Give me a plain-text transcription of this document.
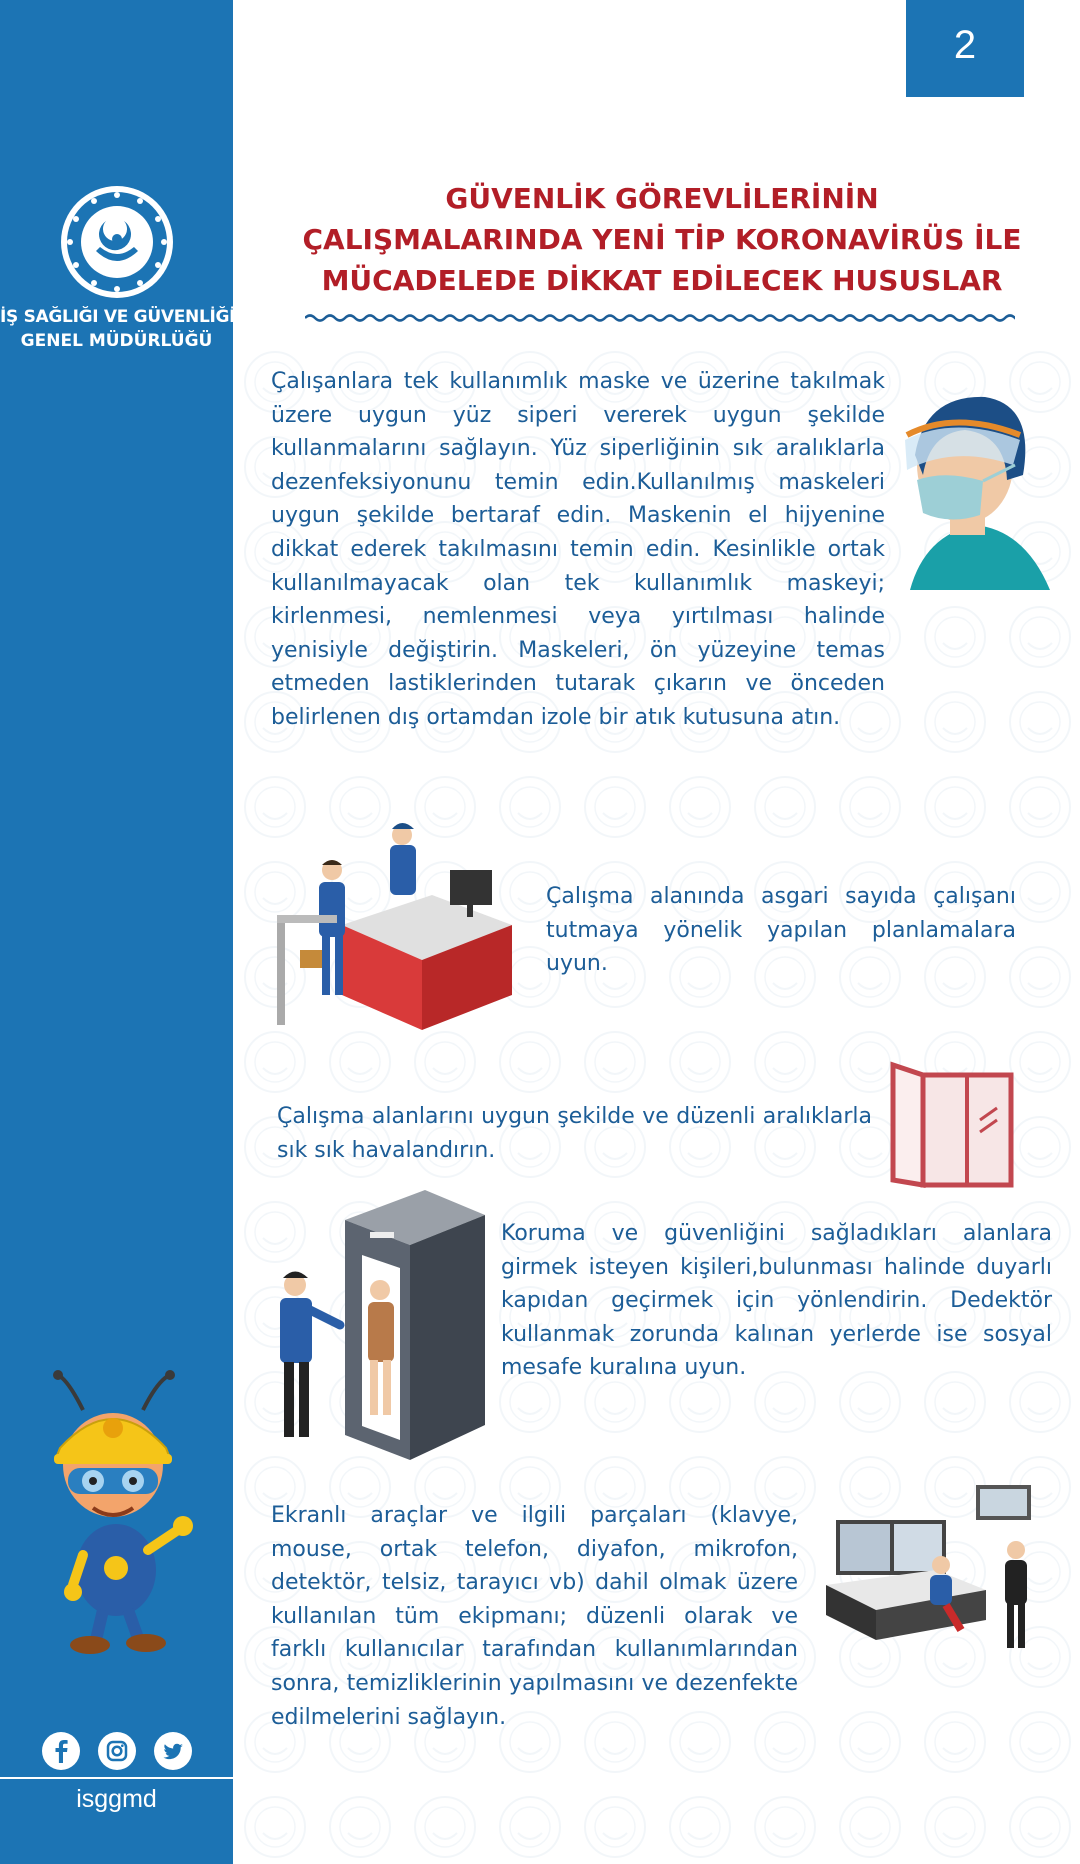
İŞ SAĞLIĞI VE GÜVENLİĞİ
GENEL MÜDÜRLÜĞÜ
isggmd
2
GÜVENLİK GÖREVLİLERİNİN
ÇALIŞMALARINDA YENİ TİP KORONAVİRÜS İLE
MÜCADELEDE DİKKAT EDİLECEK HUSUSLAR
Çalışanlara tek kullanımlık maske ve üzerine takılmak üzere uygun yüz siperi vererek uygun şekilde kullanmalarını sağlayın. Yüz siperliğinin sık aralıklarla dezenfeksiyonunu temin edin.Kullanılmış maskeleri uygun şekilde bertaraf edin. Maskenin el hijyenine dikkat ederek takılmasını temin edin. Kesinlikle ortak kullanılmayacak olan tek kullanımlık maskeyi; kirlenmesi, nemlenmesi veya yırtılması halinde yenisiyle değiştirin. Maskeleri, ön yüzeyine temas etmeden lastiklerinden tutarak çıkarın ve önceden belirlenen dış ortamdan izole bir atık kutusuna atın.
Çalışma alanında asgari sayıda çalışanı tutmaya yönelik yapılan planlamalara uyun.
Çalışma alanlarını uygun şekilde ve düzenli aralıklarla sık sık havalandırın.
Koruma ve güvenliğini sağladıkları alanlara girmek isteyen kişileri,bulunması halinde duyarlı kapıdan geçirmek için yönlendirin. Dedektör kullanmak zorunda kalınan yerlerde ise sosyal mesafe kuralına uyun.
Ekranlı araçlar ve ilgili parçaları (klavye, mouse, ortak telefon, diyafon, mikrofon, detektör, telsiz, tarayıcı vb) dahil olmak üzere kullanılan tüm ekipmanı; düzenli olarak ve farklı kullanıcılar tarafından kullanımlarından sonra, temizliklerinin yapılmasını ve dezenfekte edilmelerini sağlayın.
